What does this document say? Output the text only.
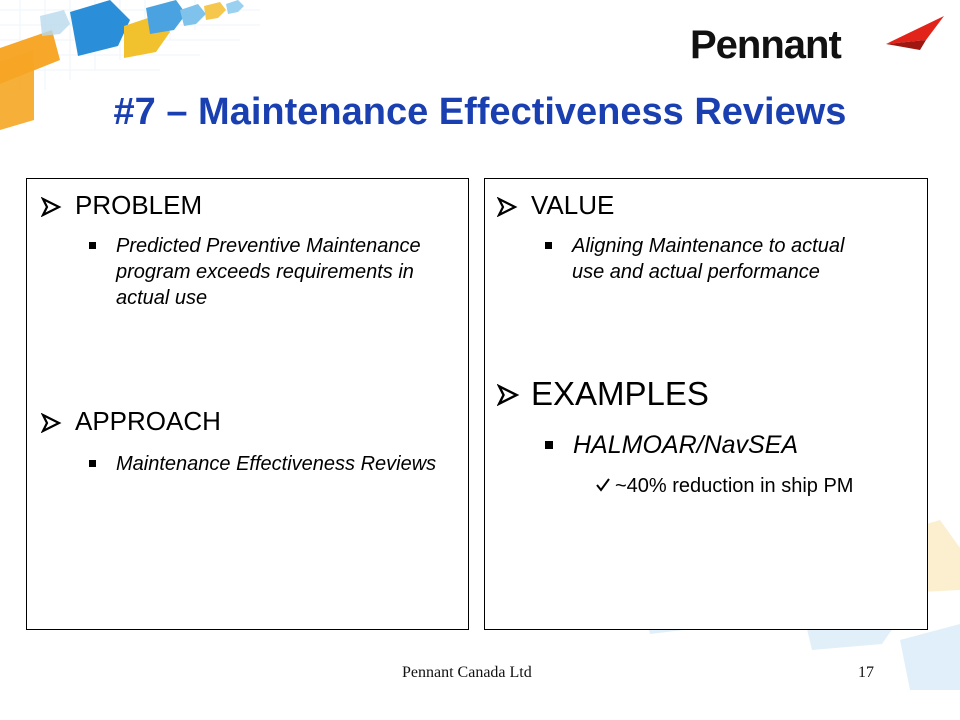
Pennant
#7 – Maintenance Effectiveness Reviews
PROBLEM
Predicted Preventive Maintenance program exceeds requirements in actual use
APPROACH
Maintenance Effectiveness Reviews
VALUE
Aligning Maintenance to actual use and actual performance
EXAMPLES
HALMOAR/NavSEA
~40% reduction in ship PM
Pennant Canada Ltd	17
